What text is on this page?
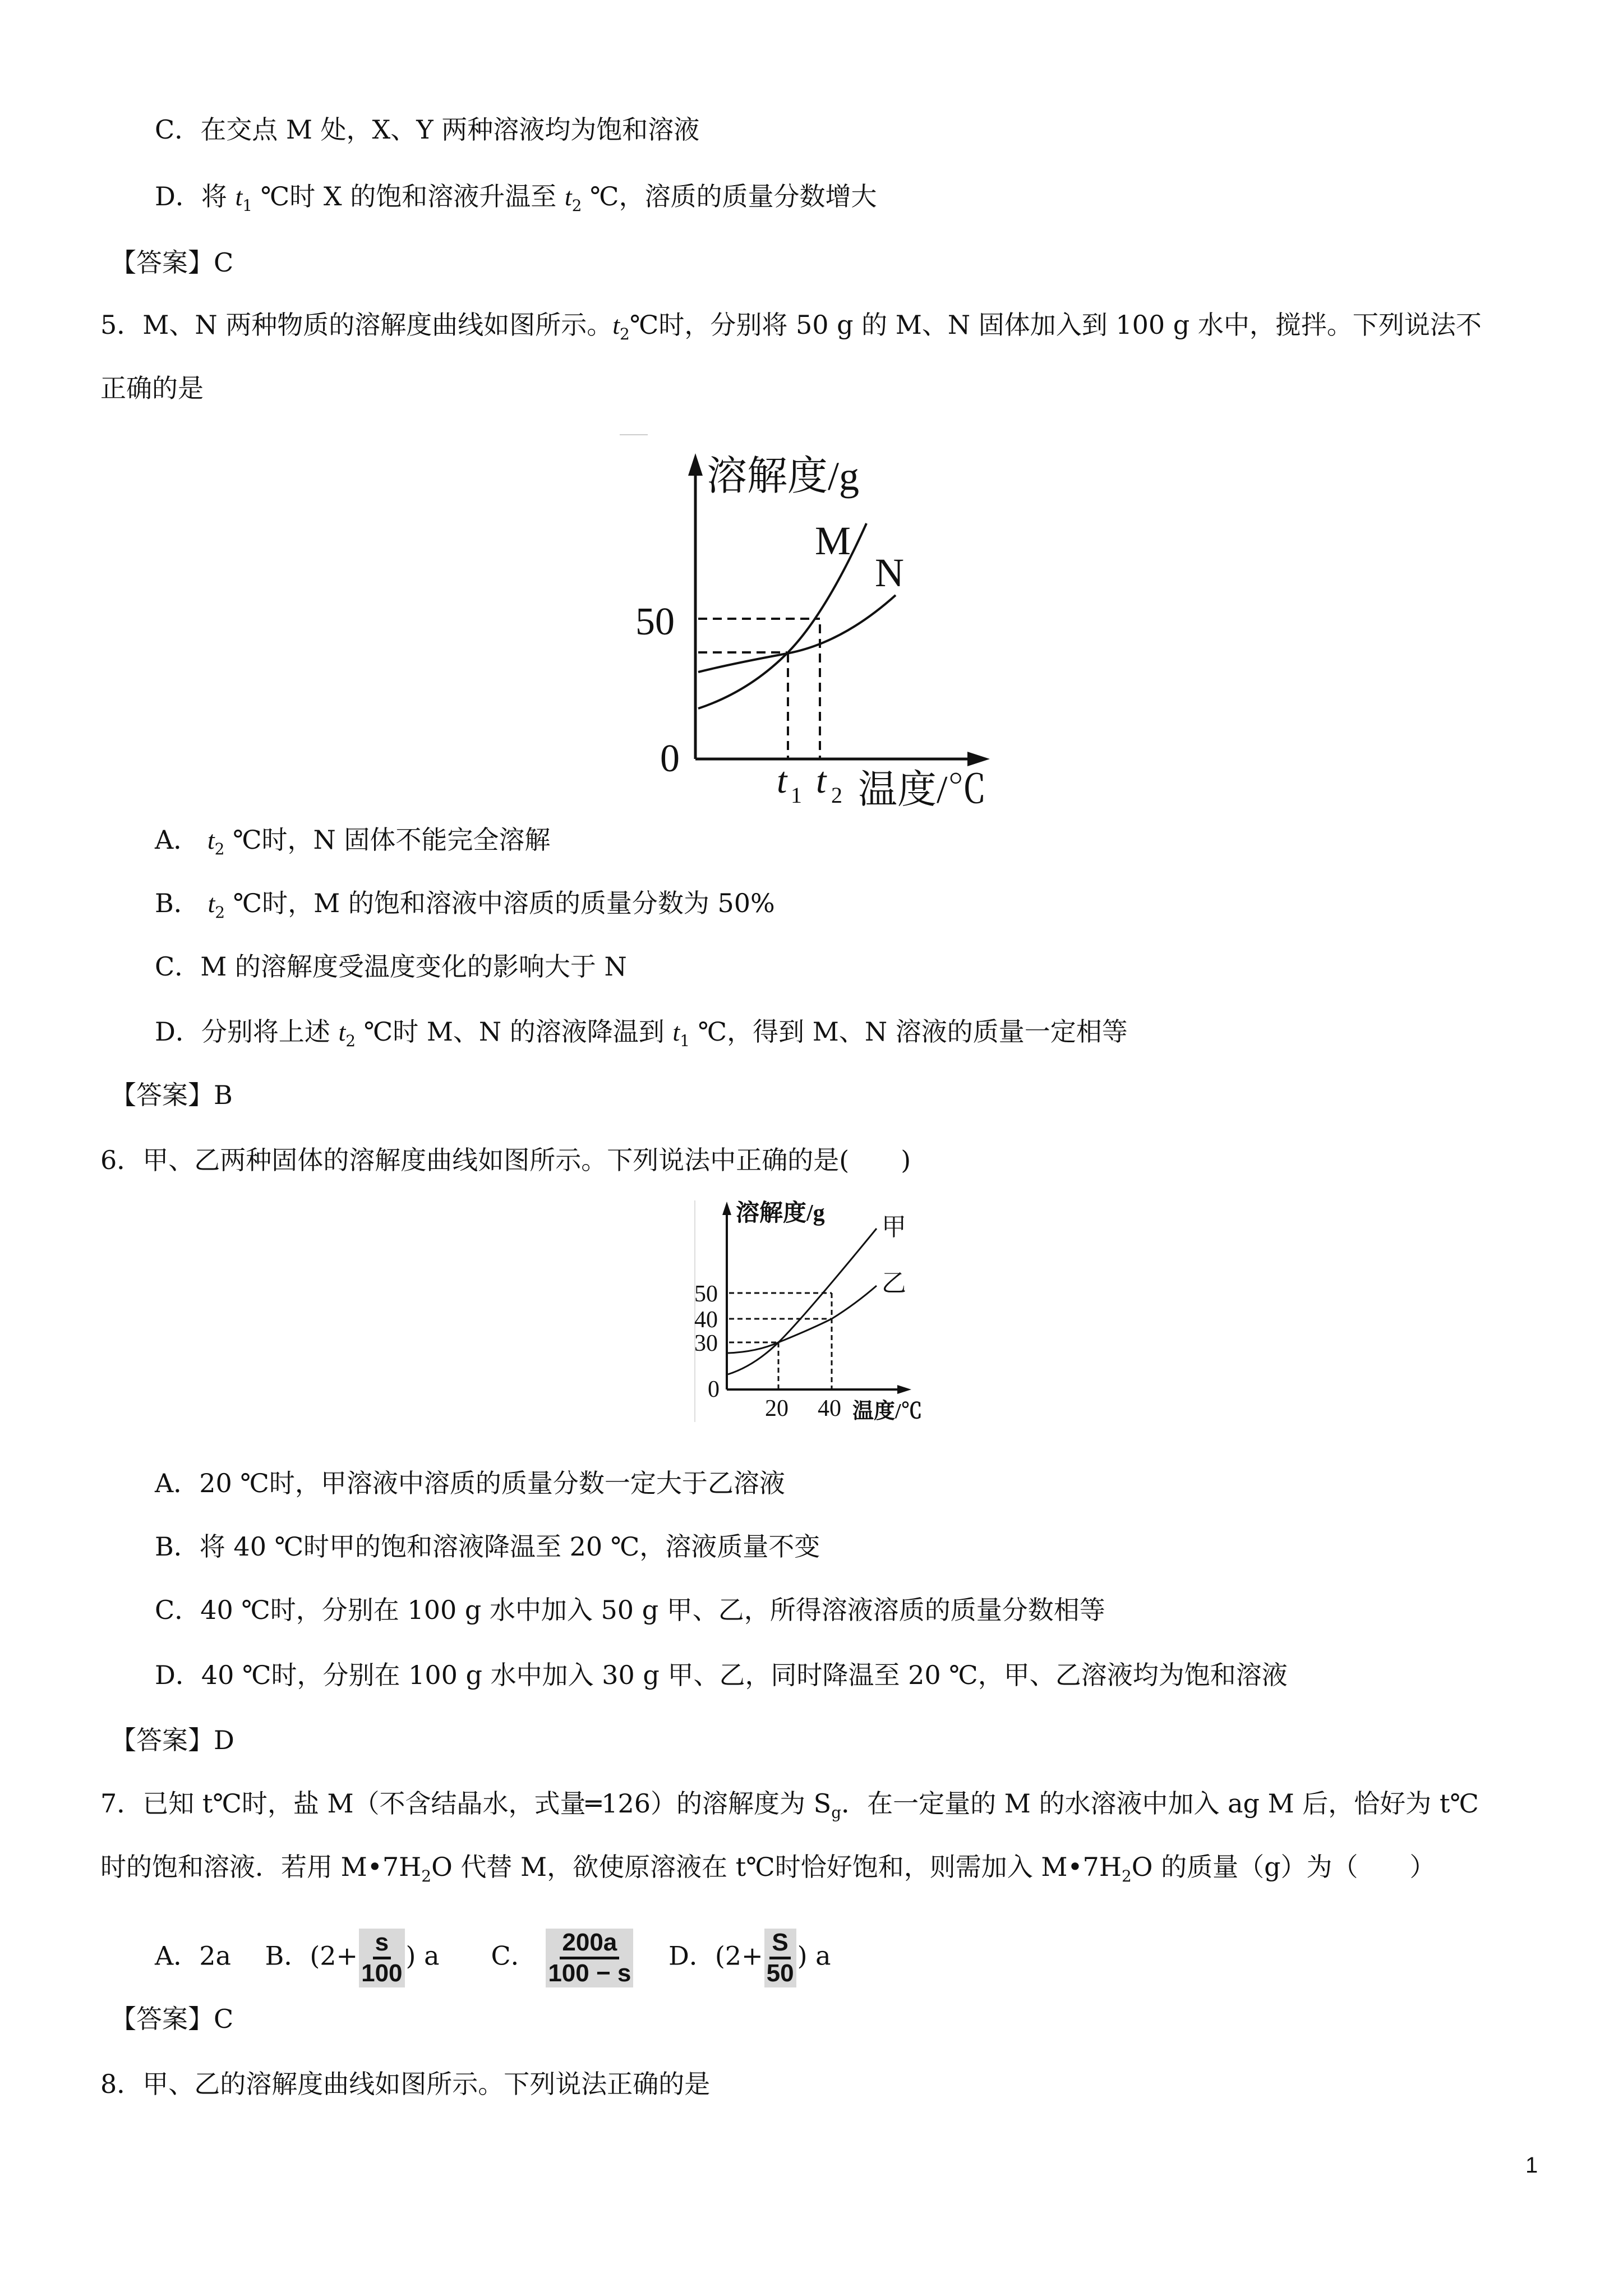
C．在交点 M 处，X、Y 两种溶液均为饱和溶液
D．将 $t_1$ ℃时 X 的饱和溶液升温至 $t_2$ ℃，溶质的质量分数增大
【答案】C
5．M、N 两种物质的溶解度曲线如图所示。$t_2℃$时，分别将 50 g 的 M、N 固体加入到 100 g 水中，搅拌。下列说法不
正确的是
A． $t_2$ ℃时，N 固体不能完全溶解
B． $t_2$ ℃时，M 的饱和溶液中溶质的质量分数为 50%
C．M 的溶解度受温度变化的影响大于 N
D．分别将上述 $t_2$ ℃时 M、N 的溶液降温到 $t_1$ ℃，得到 M、N 溶液的质量一定相等
【答案】B
6．甲、乙两种固体的溶解度曲线如图所示。下列说法中正确的是(　　)
A．20 ℃时，甲溶液中溶质的质量分数一定大于乙溶液
B．将 40 ℃时甲的饱和溶液降温至 20 ℃，溶液质量不变
C．40 ℃时，分别在 100 g 水中加入 50 g 甲、乙，所得溶液溶质的质量分数相等
D．40 ℃时，分别在 100 g 水中加入 30 g 甲、乙，同时降温至 20 ℃，甲、乙溶液均为饱和溶液
【答案】D
7．已知 t℃时，盐 M（不含结晶水，式量═126）的溶解度为 $S_g$．在一定量的 M 的水溶液中加入 ag M 后，恰好为 t℃
时的饱和溶液．若用 $M•7H_2O$ 代替 M，欲使原溶液在 t℃时恰好饱和，则需加入 $M•7H_2O$ 的质量（g）为（　　）
A．2a　 B．($2+ \frac{s}{100}$ ) a　　C． $\frac{200a}{100 - s}$ 　 D．($2+ \frac{S}{50}$ ) a
【答案】C
8．甲、乙的溶解度曲线如图所示。下列说法正确的是
溶解度/g
M
N
50
0
t 1 t 2 温度/℃
溶解度/g 甲
乙
50
40
30
0
20 40 温度/℃
1
